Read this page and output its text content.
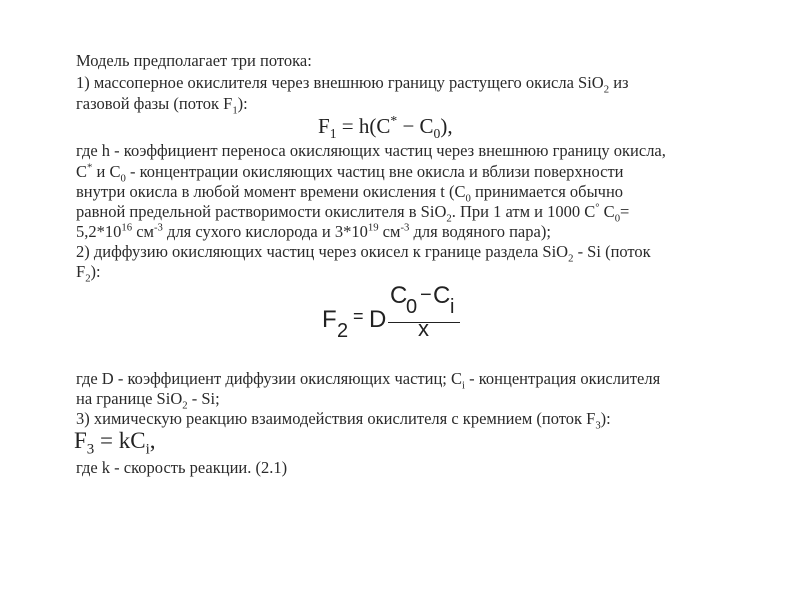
Модель предполагает три потока:
1) массоперное окислителя через внешнюю границу растущего окисла SiO$_2$ из
газовой фазы (поток $F_1$):
$F_1 = h(C^* - C_0)$,
где h - коэффициент переноса окисляющих частиц через внешнюю границу окисла,
C* и $C_0$ - концентрации окисляющих частиц вне окисла и вблизи поверхности
внутри окисла в любой момент времени окисления t ($C_0$ принимается обычно
равной предельной растворимости окислителя в SiO$_2$. При 1 атм и 1000 С° $C_0=$
$5,2*10^{16}$ $см^{-3}$ для сухого кислорода и $3*10^{19}$ $см^{-3}$ для водяного пара);
2) диффузию окисляющих частиц через окисел к границе раздела SiO$_2$ - Si (поток
$F_2$):
F 2
= D
C
0
− C i
x
где D - коэффициент диффузии окисляющих частиц; $C_i$ - концентрация окислителя
на границе SiO$_2$ - Si;
3) химическую реакцию взаимодействия окислителя с кремнием (поток $F_3$):
$F_3 = kC_i$,
где k - скорость реакции. (2.1)
